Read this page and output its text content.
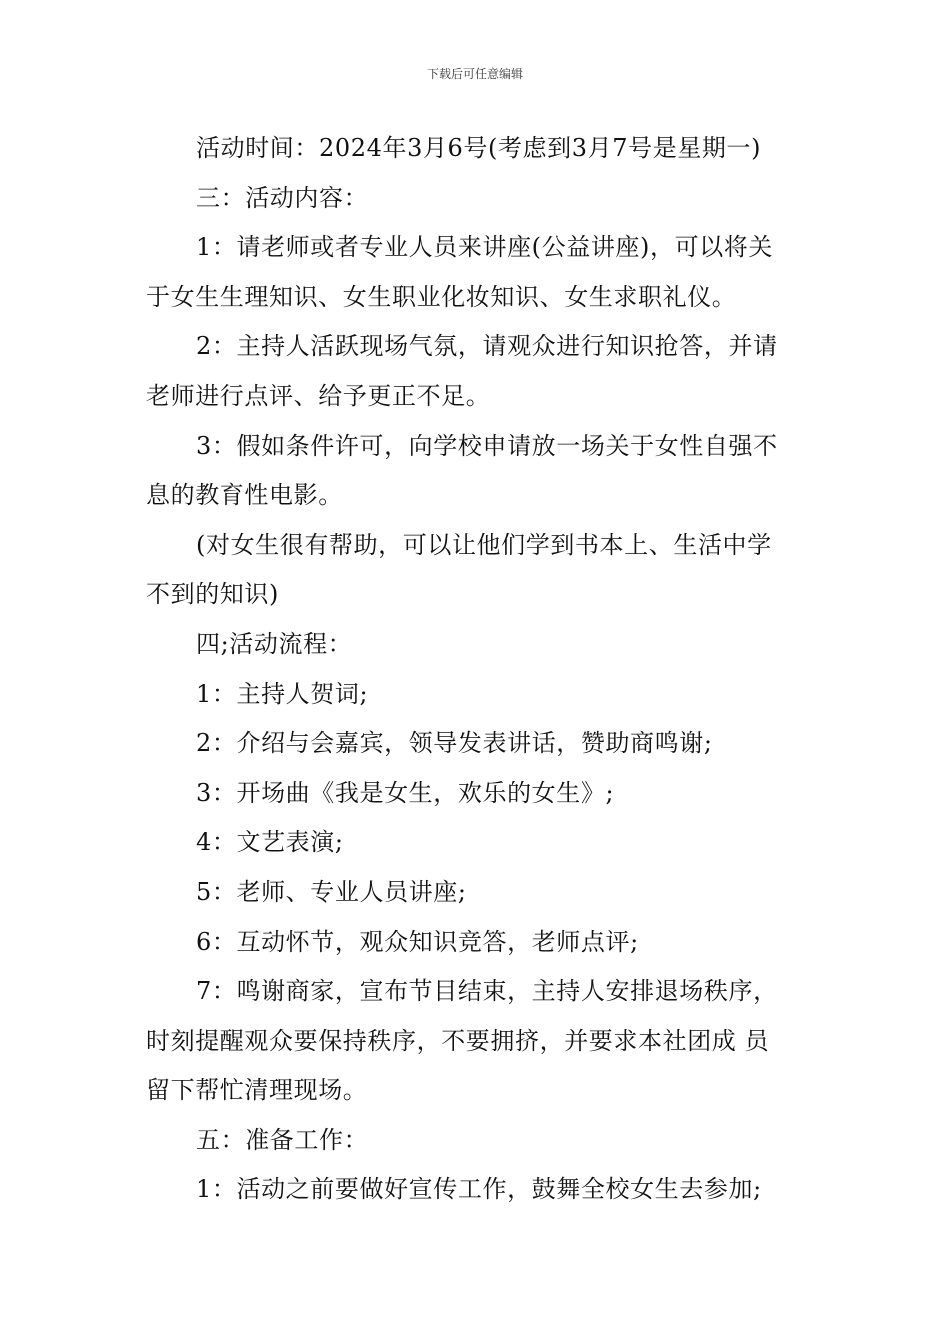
下载后可任意编辑

活动时间：2024年3月6号(考虑到3月7号是星期一)

三：活动内容：

1：请老师或者专业人员来讲座(公益讲座)，可以将关

于女生生理知识、女生职业化妆知识、女生求职礼仪。

2：主持人活跃现场气氛，请观众进行知识抢答，并请

老师进行点评、给予更正不足。

3：假如条件许可，向学校申请放一场关于女性自强不

息的教育性电影。

(对女生很有帮助，可以让他们学到书本上、生活中学

不到的知识)

四;活动流程：

1：主持人贺词;

2：介绍与会嘉宾，领导发表讲话，赞助商鸣谢;

3：开场曲《我是女生，欢乐的女生》;

4：文艺表演;

5：老师、专业人员讲座;

6：互动怀节，观众知识竞答，老师点评;

7：鸣谢商家，宣布节目结束，主持人安排退场秩序，

时刻提醒观众要保持秩序，不要拥挤，并要求本社团成 员

留下帮忙清理现场。

五：准备工作：

1：活动之前要做好宣传工作，鼓舞全校女生去参加;
